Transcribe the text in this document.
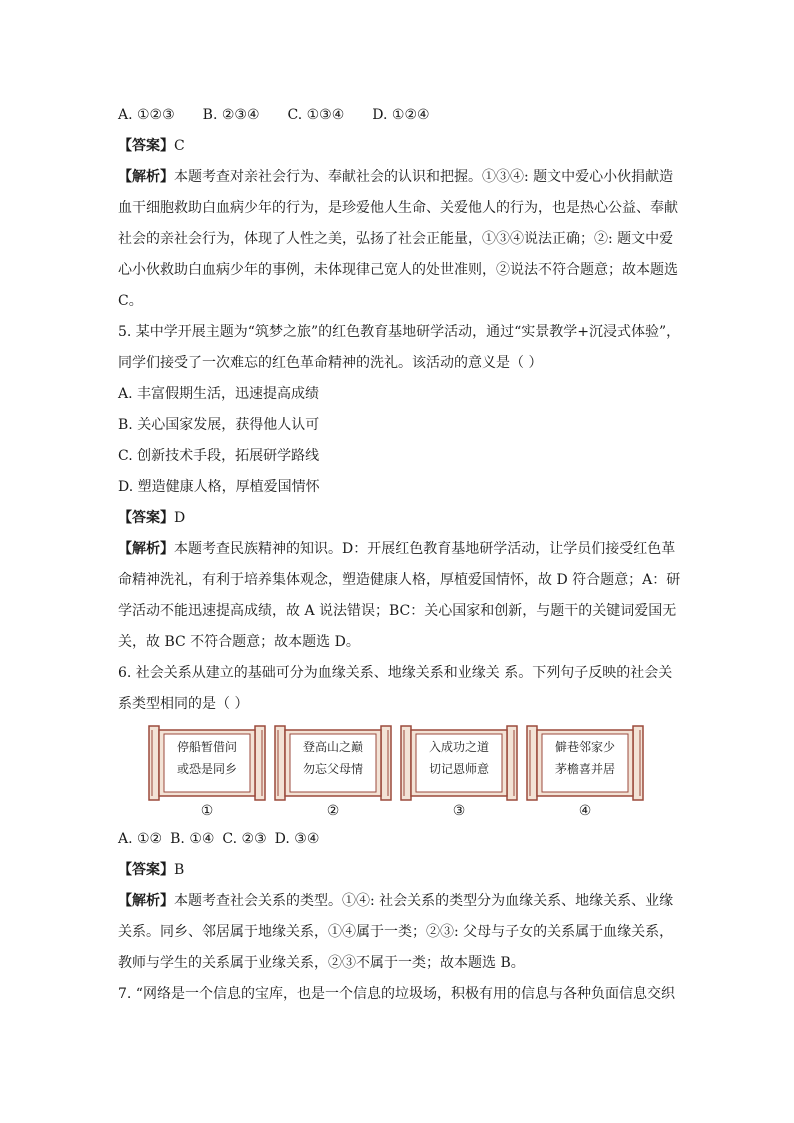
A. ①②③ B. ②③④ C. ①③④ D. ①②④
【答案】C
【解析】本题考查对亲社会行为、奉献社会的认识和把握。①③④: 题文中爱心小伙捐献造
血干细胞救助白血病少年的行为，是珍爱他人生命、关爱他人的行为，也是热心公益、奉献
社会的亲社会行为，体现了人性之美，弘扬了社会正能量，①③④说法正确；②: 题文中爱
心小伙救助白血病少年的事例，未体现律己宽人的处世准则，②说法不符合题意；故本题选
C。
5. 某中学开展主题为“筑梦之旅”的红色教育基地研学活动，通过“实景教学+沉浸式体验”，
同学们接受了一次难忘的红色革命精神的洗礼。该活动的意义是（ ）
A. 丰富假期生活，迅速提高成绩
B. 关心国家发展，获得他人认可
C. 创新技术手段，拓展研学路线
D. 塑造健康人格，厚植爱国情怀
【答案】D
【解析】本题考查民族精神的知识。D：开展红色教育基地研学活动，让学员们接受红色革
命精神洗礼，有利于培养集体观念，塑造健康人格，厚植爱国情怀，故 D 符合题意；A：研
学活动不能迅速提高成绩，故 A 说法错误；BC：关心国家和创新，与题干的关键词爱国无
关，故 BC 不符合题意；故本题选 D。
6. 社会关系从建立的基础可分为血缘关系、地缘关系和业缘关 系。下列句子反映的社会关
系类型相同的是（ ）
停船暂借问
或恐是同乡
①
登高山之巅
勿忘父母情
②
入成功之道
切记恩师意
③
僻巷邻家少
茅檐喜并居
④
A. ①② B. ①④ C. ②③ D. ③④
【答案】B
【解析】本题考查社会关系的类型。①④: 社会关系的类型分为血缘关系、地缘关系、业缘
关系。同乡、邻居属于地缘关系，①④属于一类；②③: 父母与子女的关系属于血缘关系，
教师与学生的关系属于业缘关系，②③不属于一类；故本题选 B。
7. “网络是一个信息的宝库，也是一个信息的垃圾场，积极有用的信息与各种负面信息交织
